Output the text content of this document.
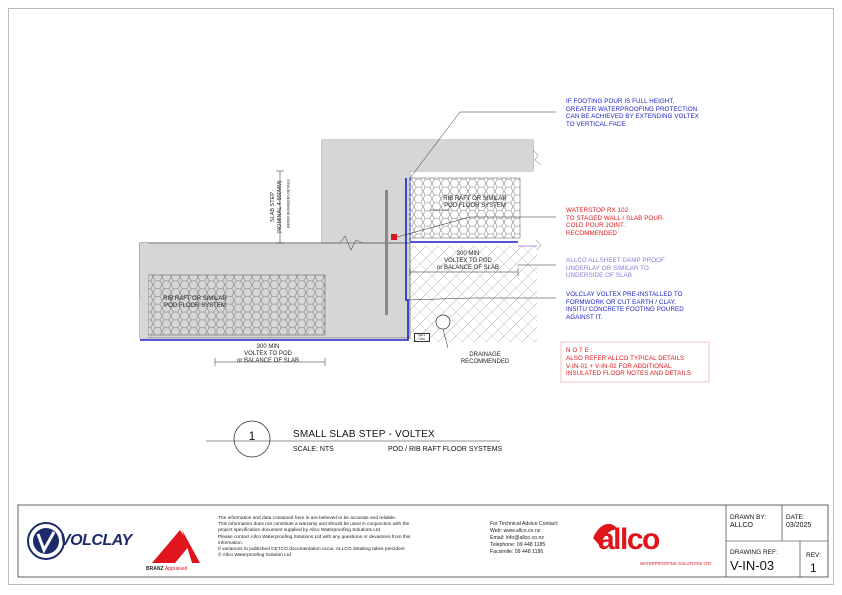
SLAB STEP
(NOMINAL 4-600MM) REFER ENGINEERS DETAILS	RIB RAFT OR SIMILAR
POD FLOOR SYSTEM
RIB RAFT OR SIMILAR
POD FLOOR SYSTEM
300 MIN
VOLTEX TO POD
or BALANCE OF SLAB
300 MIN
VOLTEX TO POD
or BALANCE OF SLAB
FALL
MIN
DRAINAGE
RECOMMENDED
IF FOOTING POUR IS FULL HEIGHT,
GREATER WATERPROOFING PROTECTION
CAN BE ACHIEVED BY EXTENDING VOLTEX
TO VERTICAL FACE
WATERSTOP RX 102
TO STAGED WALL / SLAB POUR-
COLD POUR JOINT.
RECOMMENDED
ALLCO ALLSHEET DAMP PROOF
UNDERLAY OR SIMILAR TO
UNDERSIDE OF SLAB
VOLCLAY VOLTEX PRE-INSTALLED TO
FORMWORK OR CUT EARTH / CLAY.
INSITU CONCRETE FOOTING POURED
AGAINST IT.
N O T E :
ALSO REFER ALLCO TYPICAL DETAILS
V-IN-01 + V-IN-02 FOR ADDITIONAL
INSULATED FLOOR NOTES AND DETAILS
1	SMALL SLAB STEP - VOLTEX
SCALE: NTS	POD / RIB RAFT FLOOR SYSTEMS
VOLCLAY
BRANZ Appraised
The information and data contained here in are believed to be accurate and reliable.
This information does not constitute a warranty and should be used in conjunction with the
project specification document supplied by Allco Waterproofing Solutions Ltd
Please contact Allco Waterproofing Solutions Ltd with any questions or deviations from this
information.
If variances to published CETCO documentation occur, ALLCO detailing takes precident
© Allco Waterproofing Solution Ltd
For Technical Advice Contact:
Web: www.allco.co.nz
Email: info@allco.co.nz
Telephone: 09 448 1185
Facsimile: 09 448 1186 allco
WATERPROOFING SOLUTIONS LTD
DRAWN BY:
ALLCO
DATE:
03/2025
DRAWING REF:
V-IN-03
REV:
1
